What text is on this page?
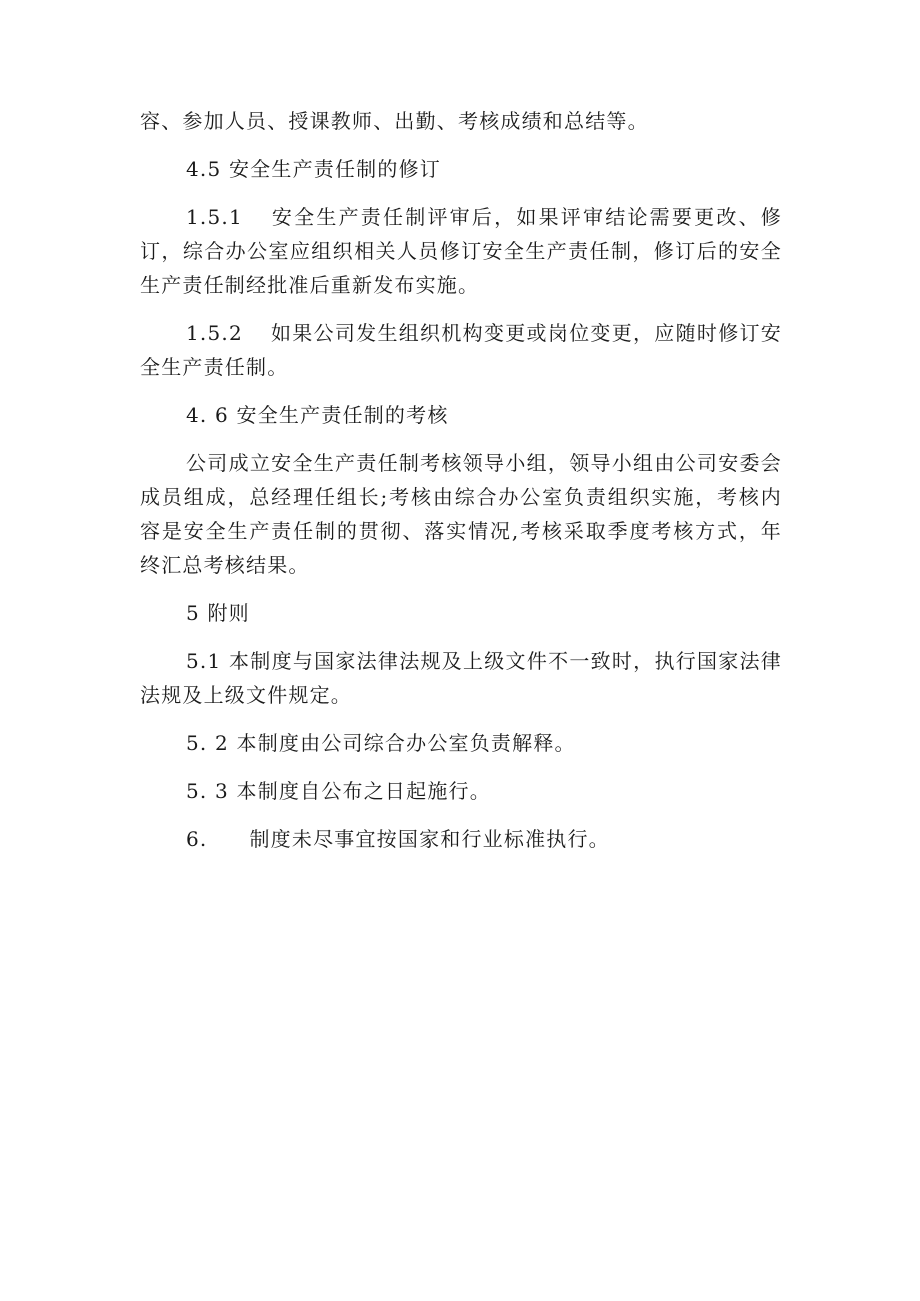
容、参加人员、授课教师、出勤、考核成绩和总结等。

4.5 安全生产责任制的修订

1.5.1 安全生产责任制评审后，如果评审结论需要更改、修订，综合办公室应组织相关人员修订安全生产责任制，修订后的安全生产责任制经批准后重新发布实施。

1.5.2 如果公司发生组织机构变更或岗位变更，应随时修订安全生产责任制。

4. 6 安全生产责任制的考核

公司成立安全生产责任制考核领导小组，领导小组由公司安委会成员组成，总经理任组长;考核由综合办公室负责组织实施，考核内容是安全生产责任制的贯彻、落实情况,考核采取季度考核方式，年终汇总考核结果。

5 附则

5.1 本制度与国家法律法规及上级文件不一致时，执行国家法律法规及上级文件规定。

5. 2 本制度由公司综合办公室负责解释。

5. 3 本制度自公布之日起施行。

6. 制度未尽事宜按国家和行业标准执行。
